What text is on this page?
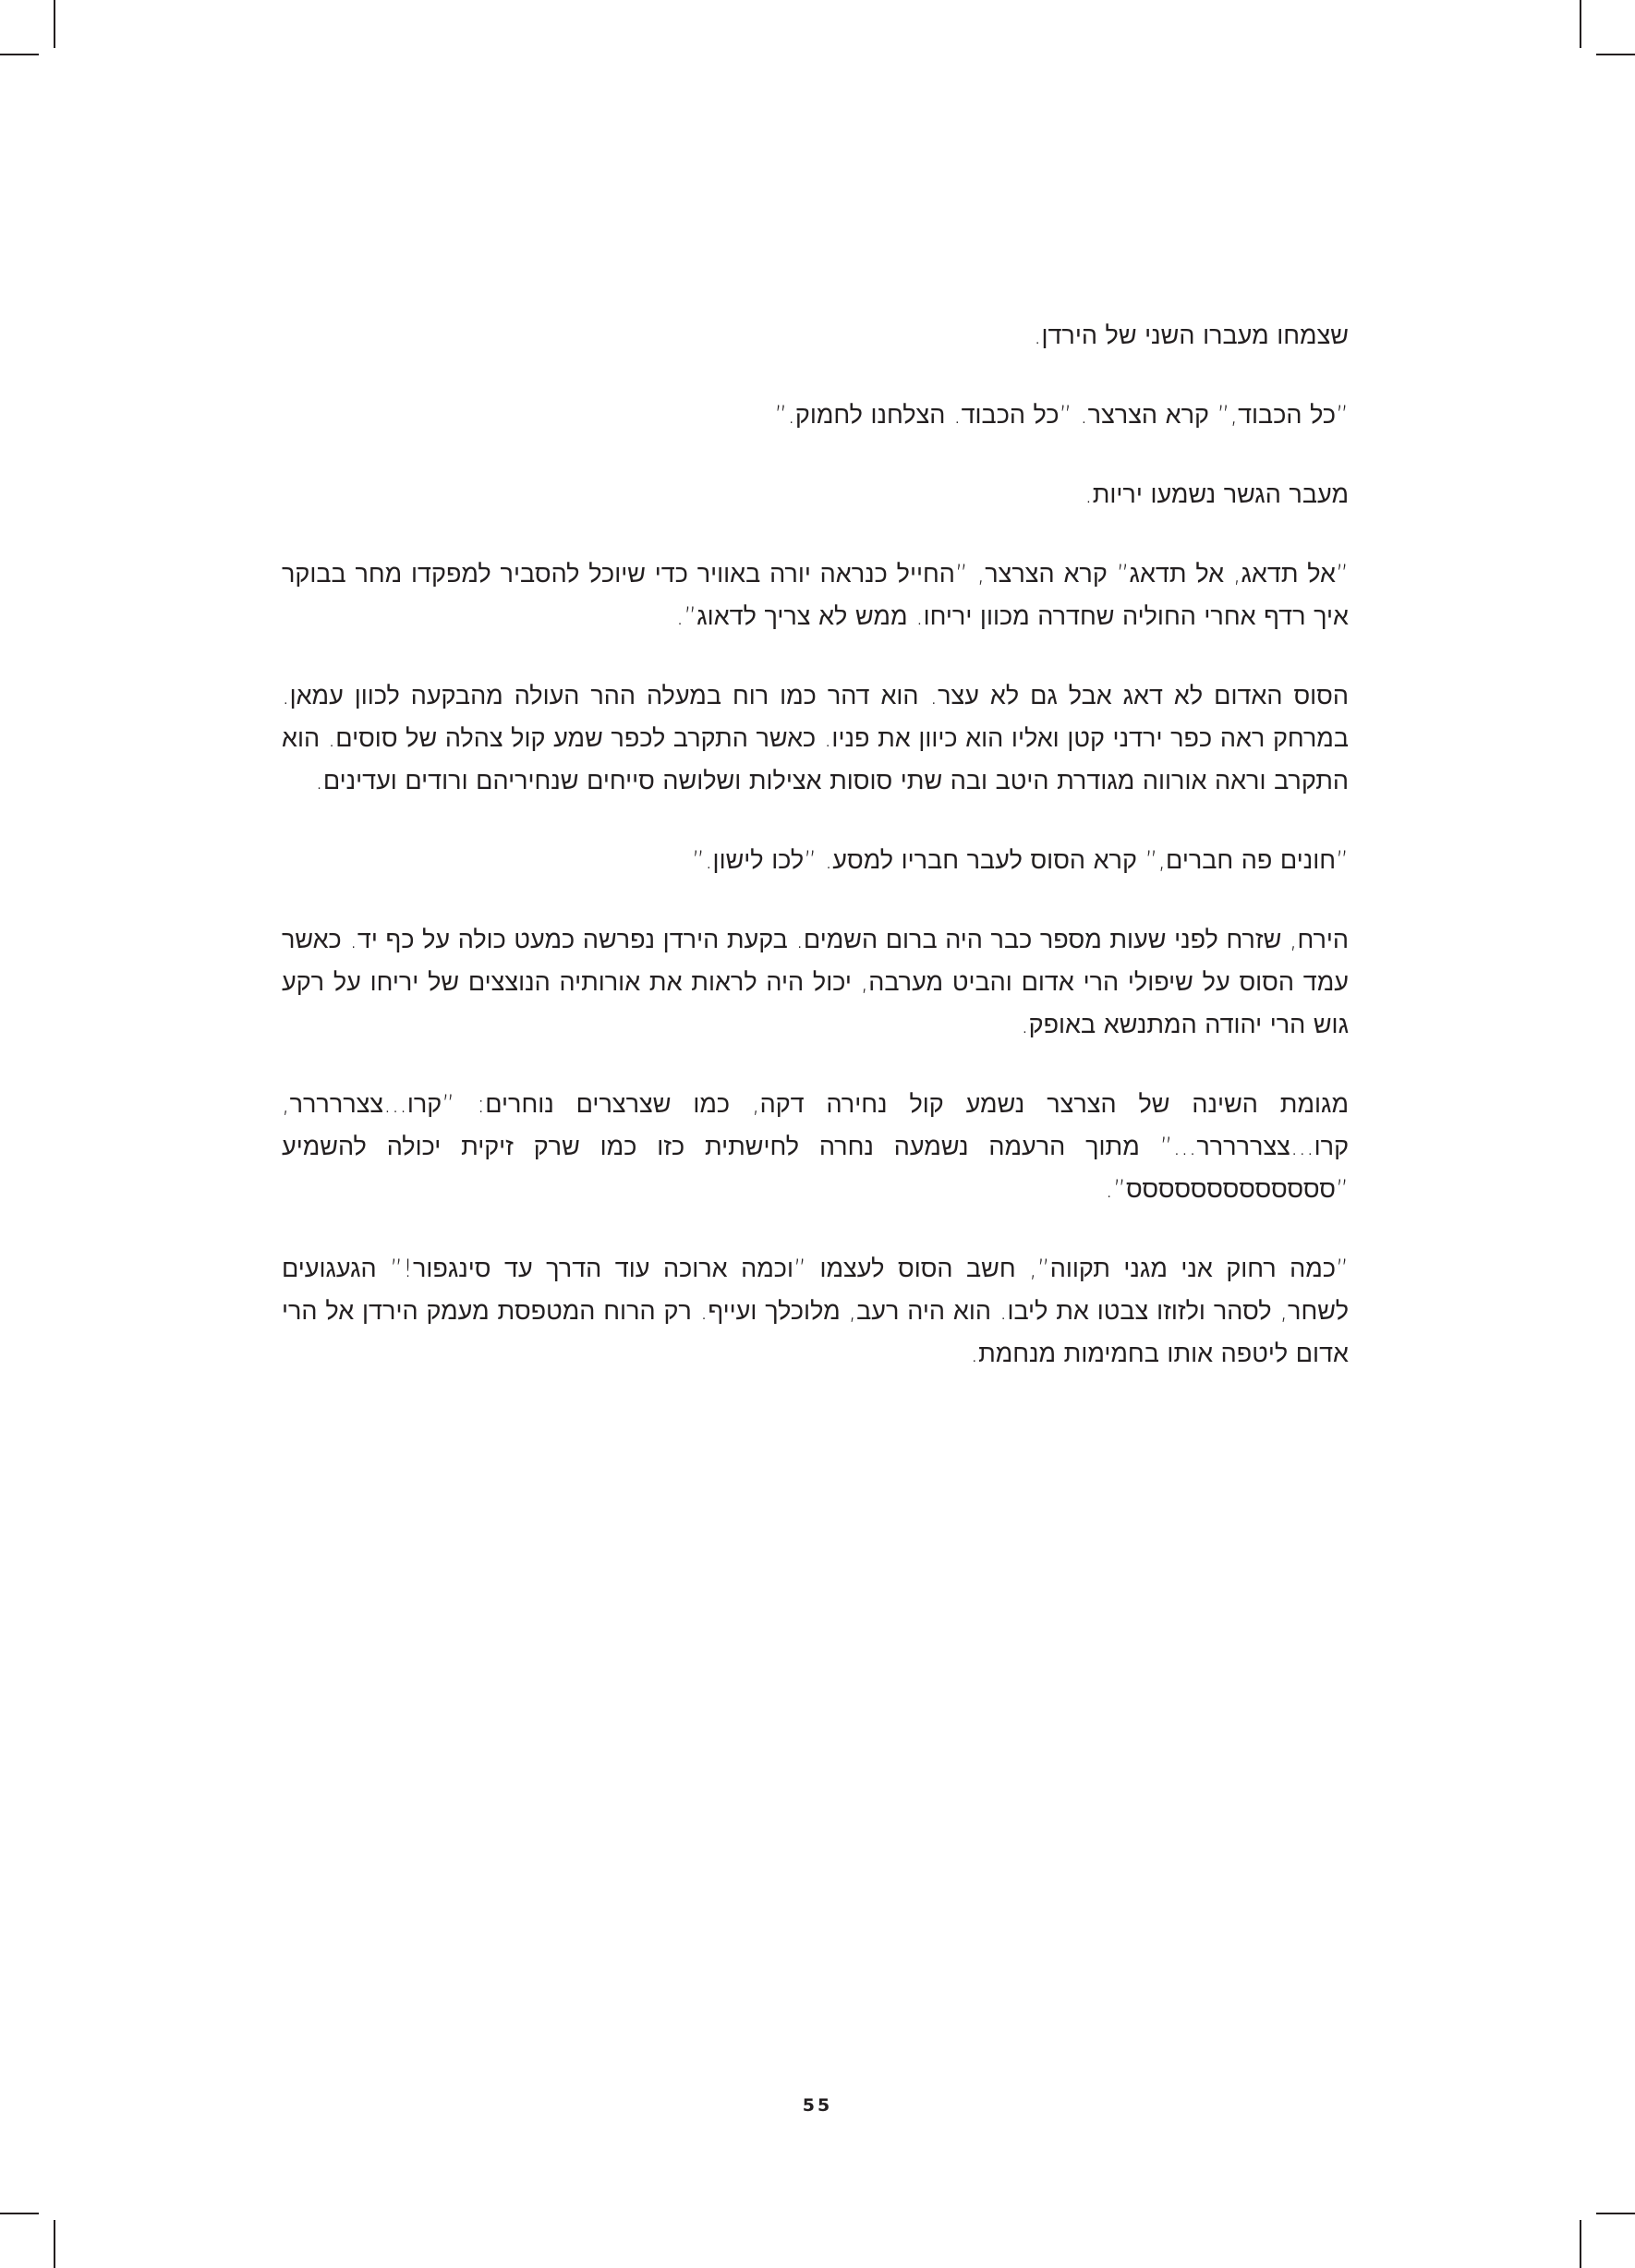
שצמחו מעברו השני של הירדן.

”כל הכבוד,” קרא הצרצר. ”כל הכבוד. הצלחנו לחמוק.”

מעבר הגשר נשמעו יריות.

”אל תדאג, אל תדאג” קרא הצרצר, ”החייל כנראה יורה באוויר כדי שיוכל להסביר למפקדו מחר בבוקר איך רדף אחרי החוליה שחדרה מכוון יריחו. ממש לא צריך לדאוג”.

הסוס האדום לא דאג אבל גם לא עצר. הוא דהר כמו רוח במעלה ההר העולה מהבקעה לכוון עמאן. במרחק ראה כפר ירדני קטן ואליו הוא כיוון את פניו. כאשר התקרב לכפר שמע קול צהלה של סוסים. הוא התקרב וראה אורווה מגודרת היטב ובה שתי סוסות אצילות ושלושה סייחים שנחיריהם ורודים ועדינים.

”חונים פה חברים,” קרא הסוס לעבר חבריו למסע. ”לכו לישון.”

הירח, שזרח לפני שעות מספר כבר היה ברום השמים. בקעת הירדן נפרשה כמעט כולה על כף יד. כאשר עמד הסוס על שיפולי הרי אדום והביט מערבה, יכול היה לראות את אורותיה הנוצצים של יריחו על רקע גוש הרי יהודה המתנשא באופק.

מגומת השינה של הצרצר נשמע קול נחירה דקה, כמו שצרצרים נוחרים: ”קרו...צצררררר, קרו...צצררררר...” מתוך הרעמה נשמעה נחרה לחישתית כזו כמו שרק זיקית יכולה להשמיע ”ססססססססססססס”.

”כמה רחוק אני מגני תקווה”, חשב הסוס לעצמו ”וכמה ארוכה עוד הדרך עד סינגפור!” הגעגועים לשחר, לסהר ולזוזו צבטו את ליבו. הוא היה רעב, מלוכלך ועייף. רק הרוח המטפסת מעמק הירדן אל הרי אדום ליטפה אותו בחמימות מנחמת.

55
